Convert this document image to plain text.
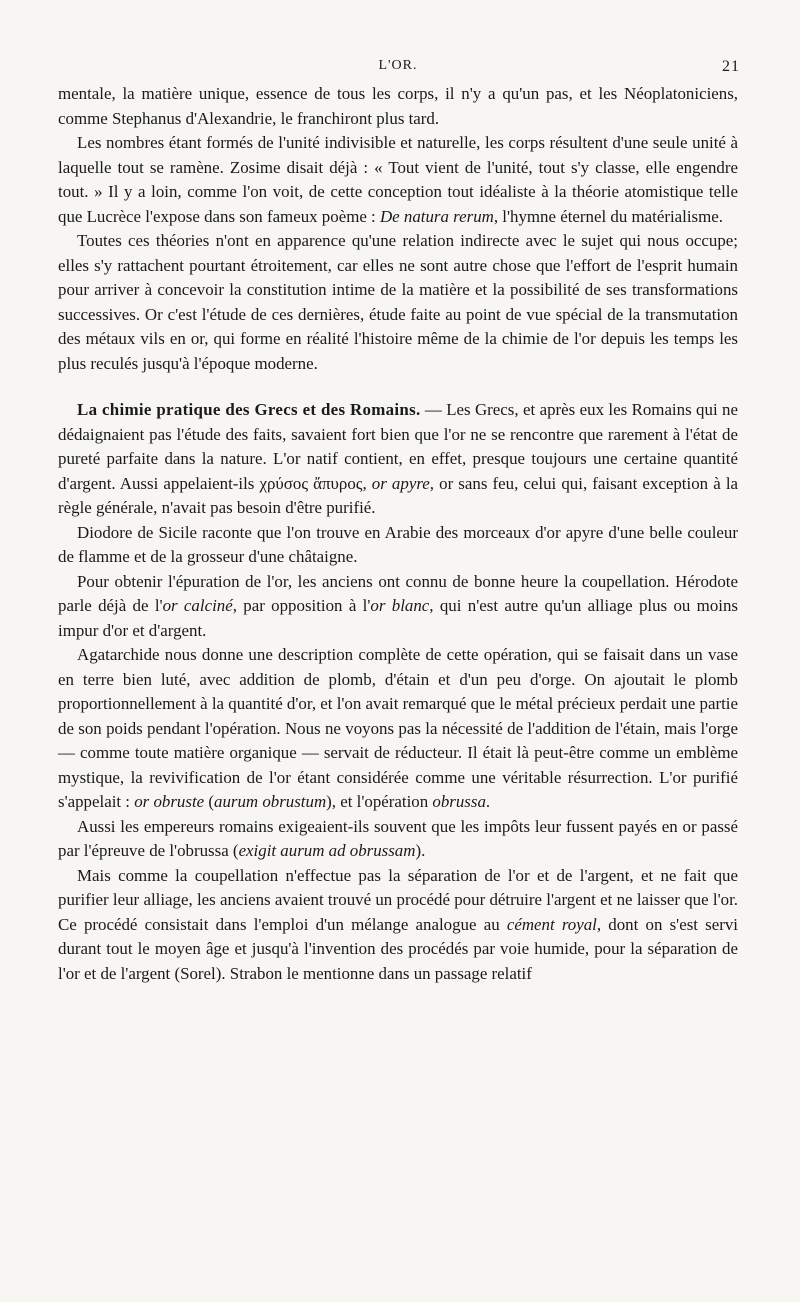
L'OR.	21

mentale, la matière unique, essence de tous les corps, il n'y a qu'un pas, et les Néoplatoniciens, comme Stephanus d'Alexandrie, le franchiront plus tard.

Les nombres étant formés de l'unité indivisible et naturelle, les corps résultent d'une seule unité à laquelle tout se ramène. Zosime disait déjà : « Tout vient de l'unité, tout s'y classe, elle engendre tout. » Il y a loin, comme l'on voit, de cette conception tout idéaliste à la théorie atomistique telle que Lucrèce l'expose dans son fameux poème : De natura rerum, l'hymne éternel du matérialisme.

Toutes ces théories n'ont en apparence qu'une relation indirecte avec le sujet qui nous occupe; elles s'y rattachent pourtant étroitement, car elles ne sont autre chose que l'effort de l'esprit humain pour arriver à concevoir la constitution intime de la matière et la possibilité de ses transformations successives. Or c'est l'étude de ces dernières, étude faite au point de vue spécial de la transmutation des métaux vils en or, qui forme en réalité l'histoire même de la chimie de l'or depuis les temps les plus reculés jusqu'à l'époque moderne.

La chimie pratique des Grecs et des Romains. — Les Grecs, et après eux les Romains qui ne dédaignaient pas l'étude des faits, savaient fort bien que l'or ne se rencontre que rarement à l'état de pureté parfaite dans la nature. L'or natif contient, en effet, presque toujours une certaine quantité d'argent. Aussi appelaient-ils χρύσος ἄπυρος, or apyre, or sans feu, celui qui, faisant exception à la règle générale, n'avait pas besoin d'être purifié.

Diodore de Sicile raconte que l'on trouve en Arabie des morceaux d'or apyre d'une belle couleur de flamme et de la grosseur d'une châtaigne.

Pour obtenir l'épuration de l'or, les anciens ont connu de bonne heure la coupellation. Hérodote parle déjà de l'or calciné, par opposition à l'or blanc, qui n'est autre qu'un alliage plus ou moins impur d'or et d'argent.

Agatarchide nous donne une description complète de cette opération, qui se faisait dans un vase en terre bien luté, avec addition de plomb, d'étain et d'un peu d'orge. On ajoutait le plomb proportionnellement à la quantité d'or, et l'on avait remarqué que le métal précieux perdait une partie de son poids pendant l'opération. Nous ne voyons pas la nécessité de l'addition de l'étain, mais l'orge — comme toute matière organique — servait de réducteur. Il était là peut-être comme un emblème mystique, la revivification de l'or étant considérée comme une véritable résurrection. L'or purifié s'appelait : or obruste (aurum obrustum), et l'opération obrussa.

Aussi les empereurs romains exigeaient-ils souvent que les impôts leur fussent payés en or passé par l'épreuve de l'obrussa (exigit aurum ad obrussam).

Mais comme la coupellation n'effectue pas la séparation de l'or et de l'argent, et ne fait que purifier leur alliage, les anciens avaient trouvé un procédé pour détruire l'argent et ne laisser que l'or. Ce procédé consistait dans l'emploi d'un mélange analogue au cément royal, dont on s'est servi durant tout le moyen âge et jusqu'à l'invention des procédés par voie humide, pour la séparation de l'or et de l'argent (Sorel). Strabon le mentionne dans un passage relatif
